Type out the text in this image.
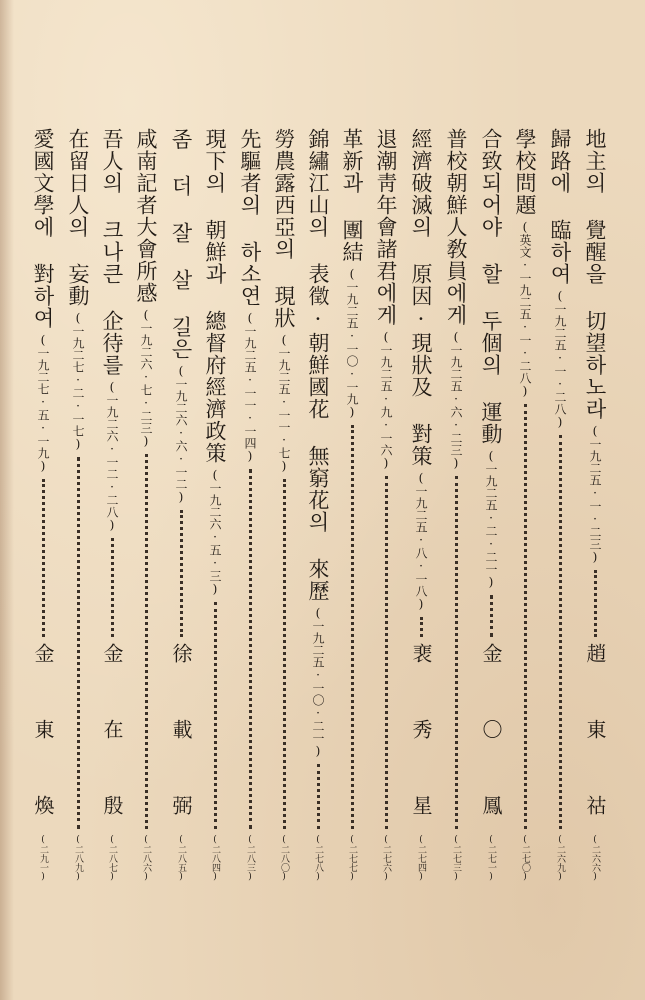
地主의 覺醒을 切望하노라
(一九二五·一·二三)
趙 東 祜
(二六六)
歸路에 臨하여
(一九二五·一·二八)
(二六九)
學校問題
(英文·一九二五·一·二八)
(二七〇)
合致되어야 할 두個의 運動
(一九二五·二·二一)
金 〇 鳳
(二七一)
普校朝鮮人敎員에게
(一九二五·六·二三)
(二七三)
經濟破滅의 原因·現狀及 對策
(一九二五·八·一八)
裵 秀 星
(二七四)
退潮靑年會諸君에게
(一九二五·九·一六)
(二七六)
革新과 團結
(一九二五·一〇·一九)
(二七七)
錦繡江山의 表徵·朝鮮國花 無窮花의 來歷
(一九二五·一〇·二一)
(二七八)
勞農露西亞의 現狀
(一九二五·一一·七)
(二八〇)
先驅者의 하소연
(一九二五·一一·一四)
(二八三)
現下의 朝鮮과 總督府經濟政策
(一九二六·五·三)
(二八四)
좀 더 잘 살 길은
(一九二六·六·一二)
徐 載 弼
(二八五)
咸南記者大會所感
(一九二六·七·二三)
(二八六)
吾人의 크나큰 企待를
(一九二六·一二·二八)
金 在 殷
(二八七)
在留日人의 妄動
(一九二七·二·一七)
(二八九)
愛國文學에 對하여
(一九二七·五·一九)
金 東 煥
(二九一)
